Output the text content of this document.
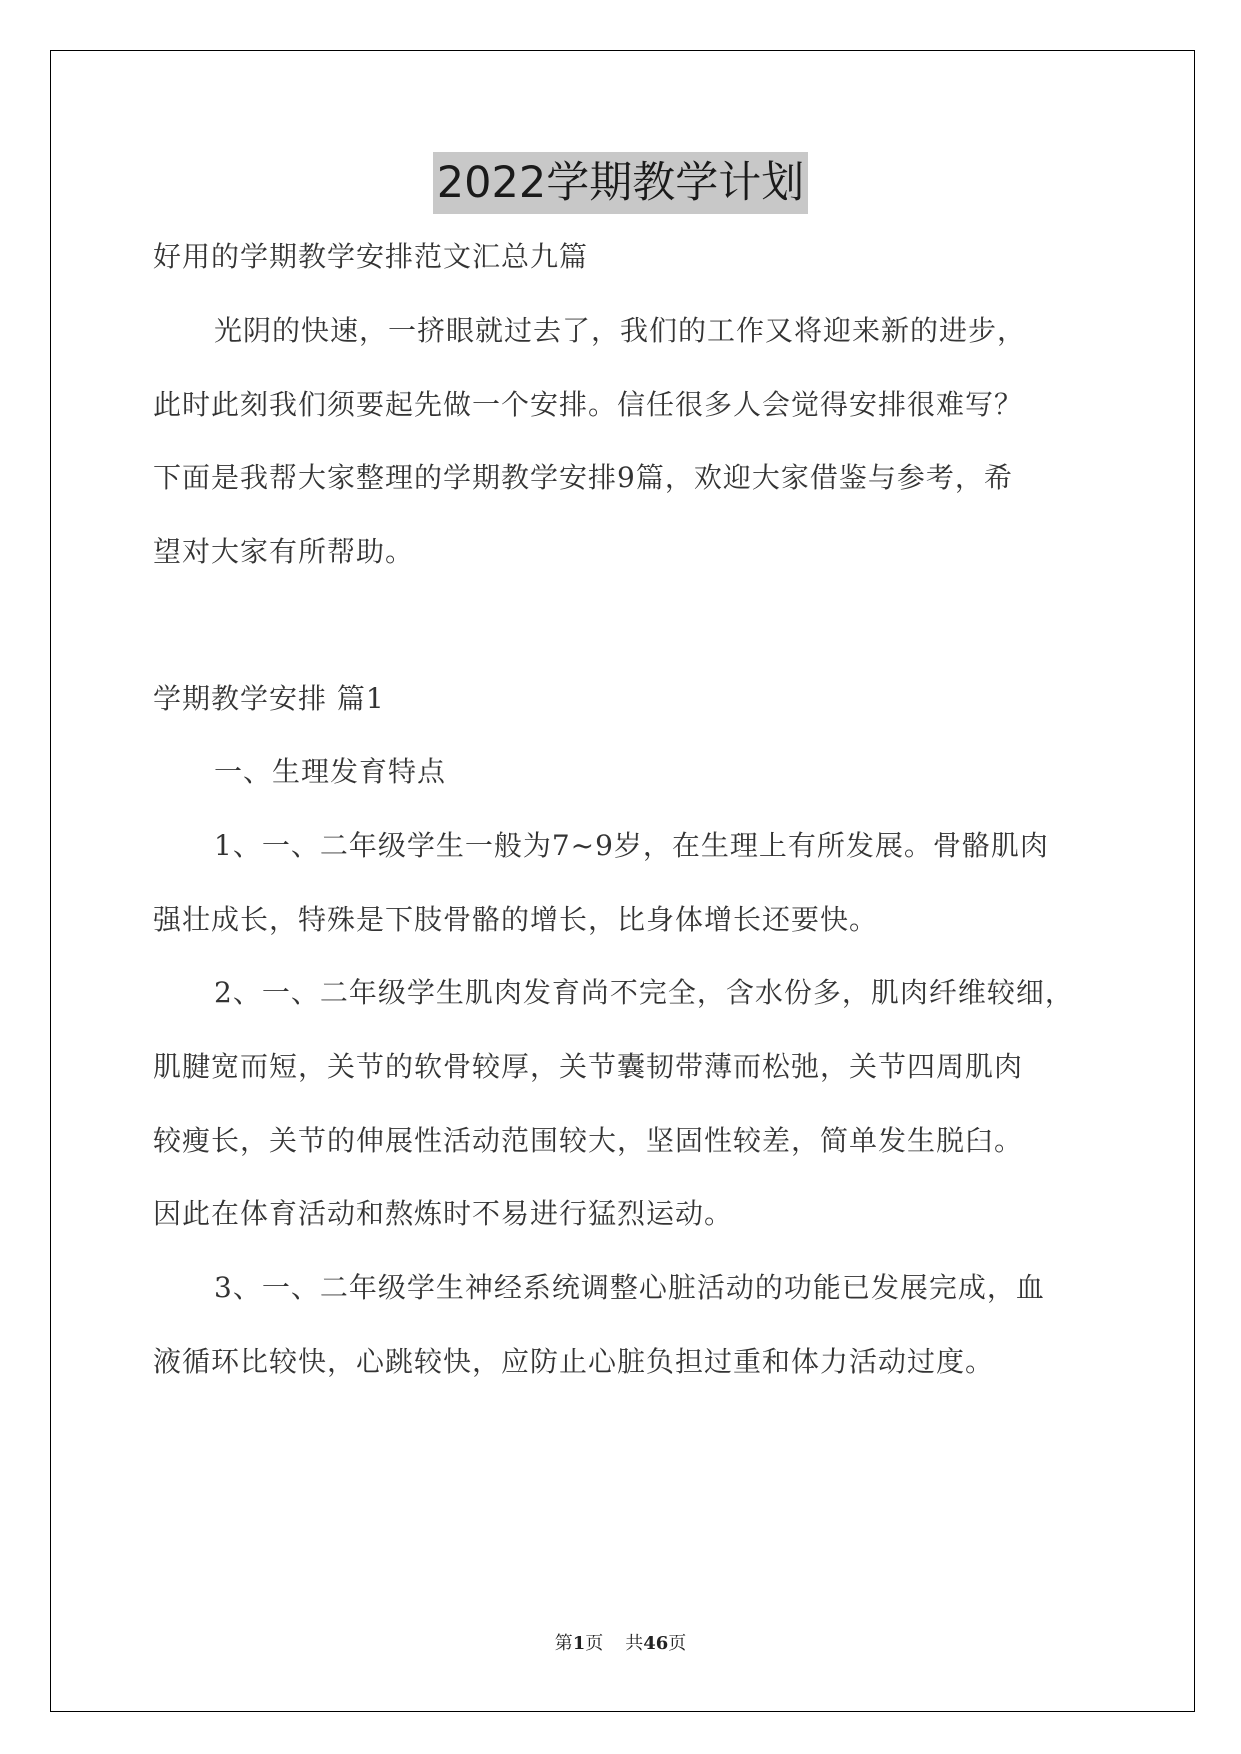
2022学期教学计划
好用的学期教学安排范文汇总九篇
光阴的快速，一挤眼就过去了，我们的工作又将迎来新的进步，
此时此刻我们须要起先做一个安排。信任很多人会觉得安排很难写？
下面是我帮大家整理的学期教学安排9篇，欢迎大家借鉴与参考，希
望对大家有所帮助。
学期教学安排 篇1
一、生理发育特点
1、一、二年级学生一般为7~9岁，在生理上有所发展。骨骼肌肉
强壮成长，特殊是下肢骨骼的增长，比身体增长还要快。
2、一、二年级学生肌肉发育尚不完全，含水份多，肌肉纤维较细，
肌腱宽而短，关节的软骨较厚，关节囊韧带薄而松弛，关节四周肌肉
较瘦长，关节的伸展性活动范围较大，坚固性较差，简单发生脱臼。
因此在体育活动和熬炼时不易进行猛烈运动。
3、一、二年级学生神经系统调整心脏活动的功能已发展完成，血
液循环比较快，心跳较快，应防止心脏负担过重和体力活动过度。
第1页 共46页
